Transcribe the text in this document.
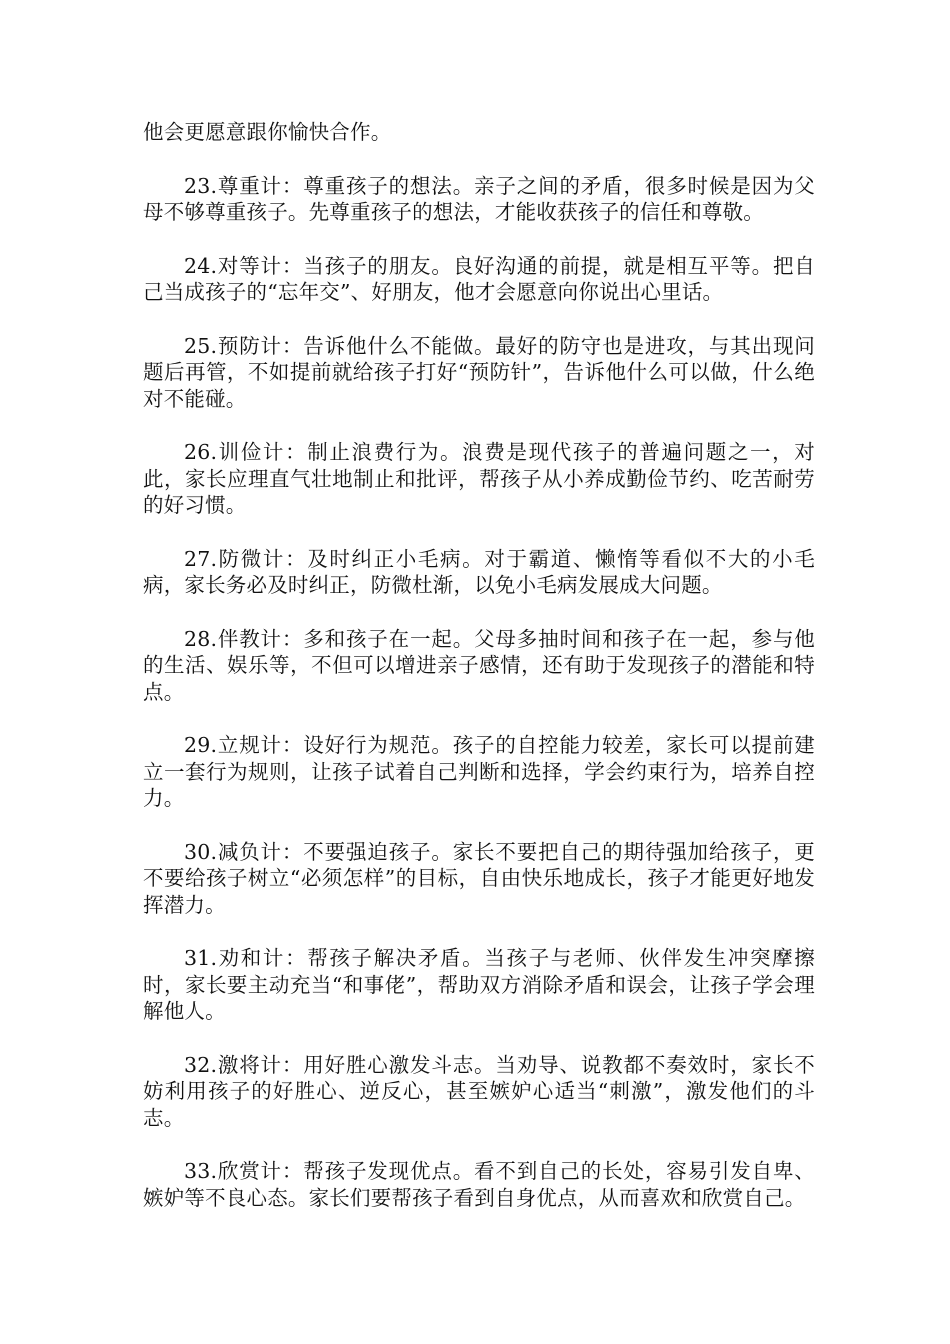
他会更愿意跟你愉快合作。

23.尊重计：尊重孩子的想法。亲子之间的矛盾，很多时候是因为父母不够尊重孩子。先尊重孩子的想法，才能收获孩子的信任和尊敬。

24.对等计：当孩子的朋友。良好沟通的前提，就是相互平等。把自己当成孩子的“忘年交”、好朋友，他才会愿意向你说出心里话。

25.预防计：告诉他什么不能做。最好的防守也是进攻，与其出现问题后再管，不如提前就给孩子打好“预防针”，告诉他什么可以做，什么绝对不能碰。

26.训俭计：制止浪费行为。浪费是现代孩子的普遍问题之一，对此，家长应理直气壮地制止和批评，帮孩子从小养成勤俭节约、吃苦耐劳的好习惯。

27.防微计：及时纠正小毛病。对于霸道、懒惰等看似不大的小毛病，家长务必及时纠正，防微杜渐，以免小毛病发展成大问题。

28.伴教计：多和孩子在一起。父母多抽时间和孩子在一起，参与他的生活、娱乐等，不但可以增进亲子感情，还有助于发现孩子的潜能和特点。

29.立规计：设好行为规范。孩子的自控能力较差，家长可以提前建立一套行为规则，让孩子试着自己判断和选择，学会约束行为，培养自控力。

30.减负计：不要强迫孩子。家长不要把自己的期待强加给孩子，更不要给孩子树立“必须怎样”的目标，自由快乐地成长，孩子才能更好地发挥潜力。

31.劝和计：帮孩子解决矛盾。当孩子与老师、伙伴发生冲突摩擦时，家长要主动充当“和事佬”，帮助双方消除矛盾和误会，让孩子学会理解他人。

32.激将计：用好胜心激发斗志。当劝导、说教都不奏效时，家长不妨利用孩子的好胜心、逆反心，甚至嫉妒心适当“刺激”，激发他们的斗志。

33.欣赏计：帮孩子发现优点。看不到自己的长处，容易引发自卑、嫉妒等不良心态。家长们要帮孩子看到自身优点，从而喜欢和欣赏自己。
